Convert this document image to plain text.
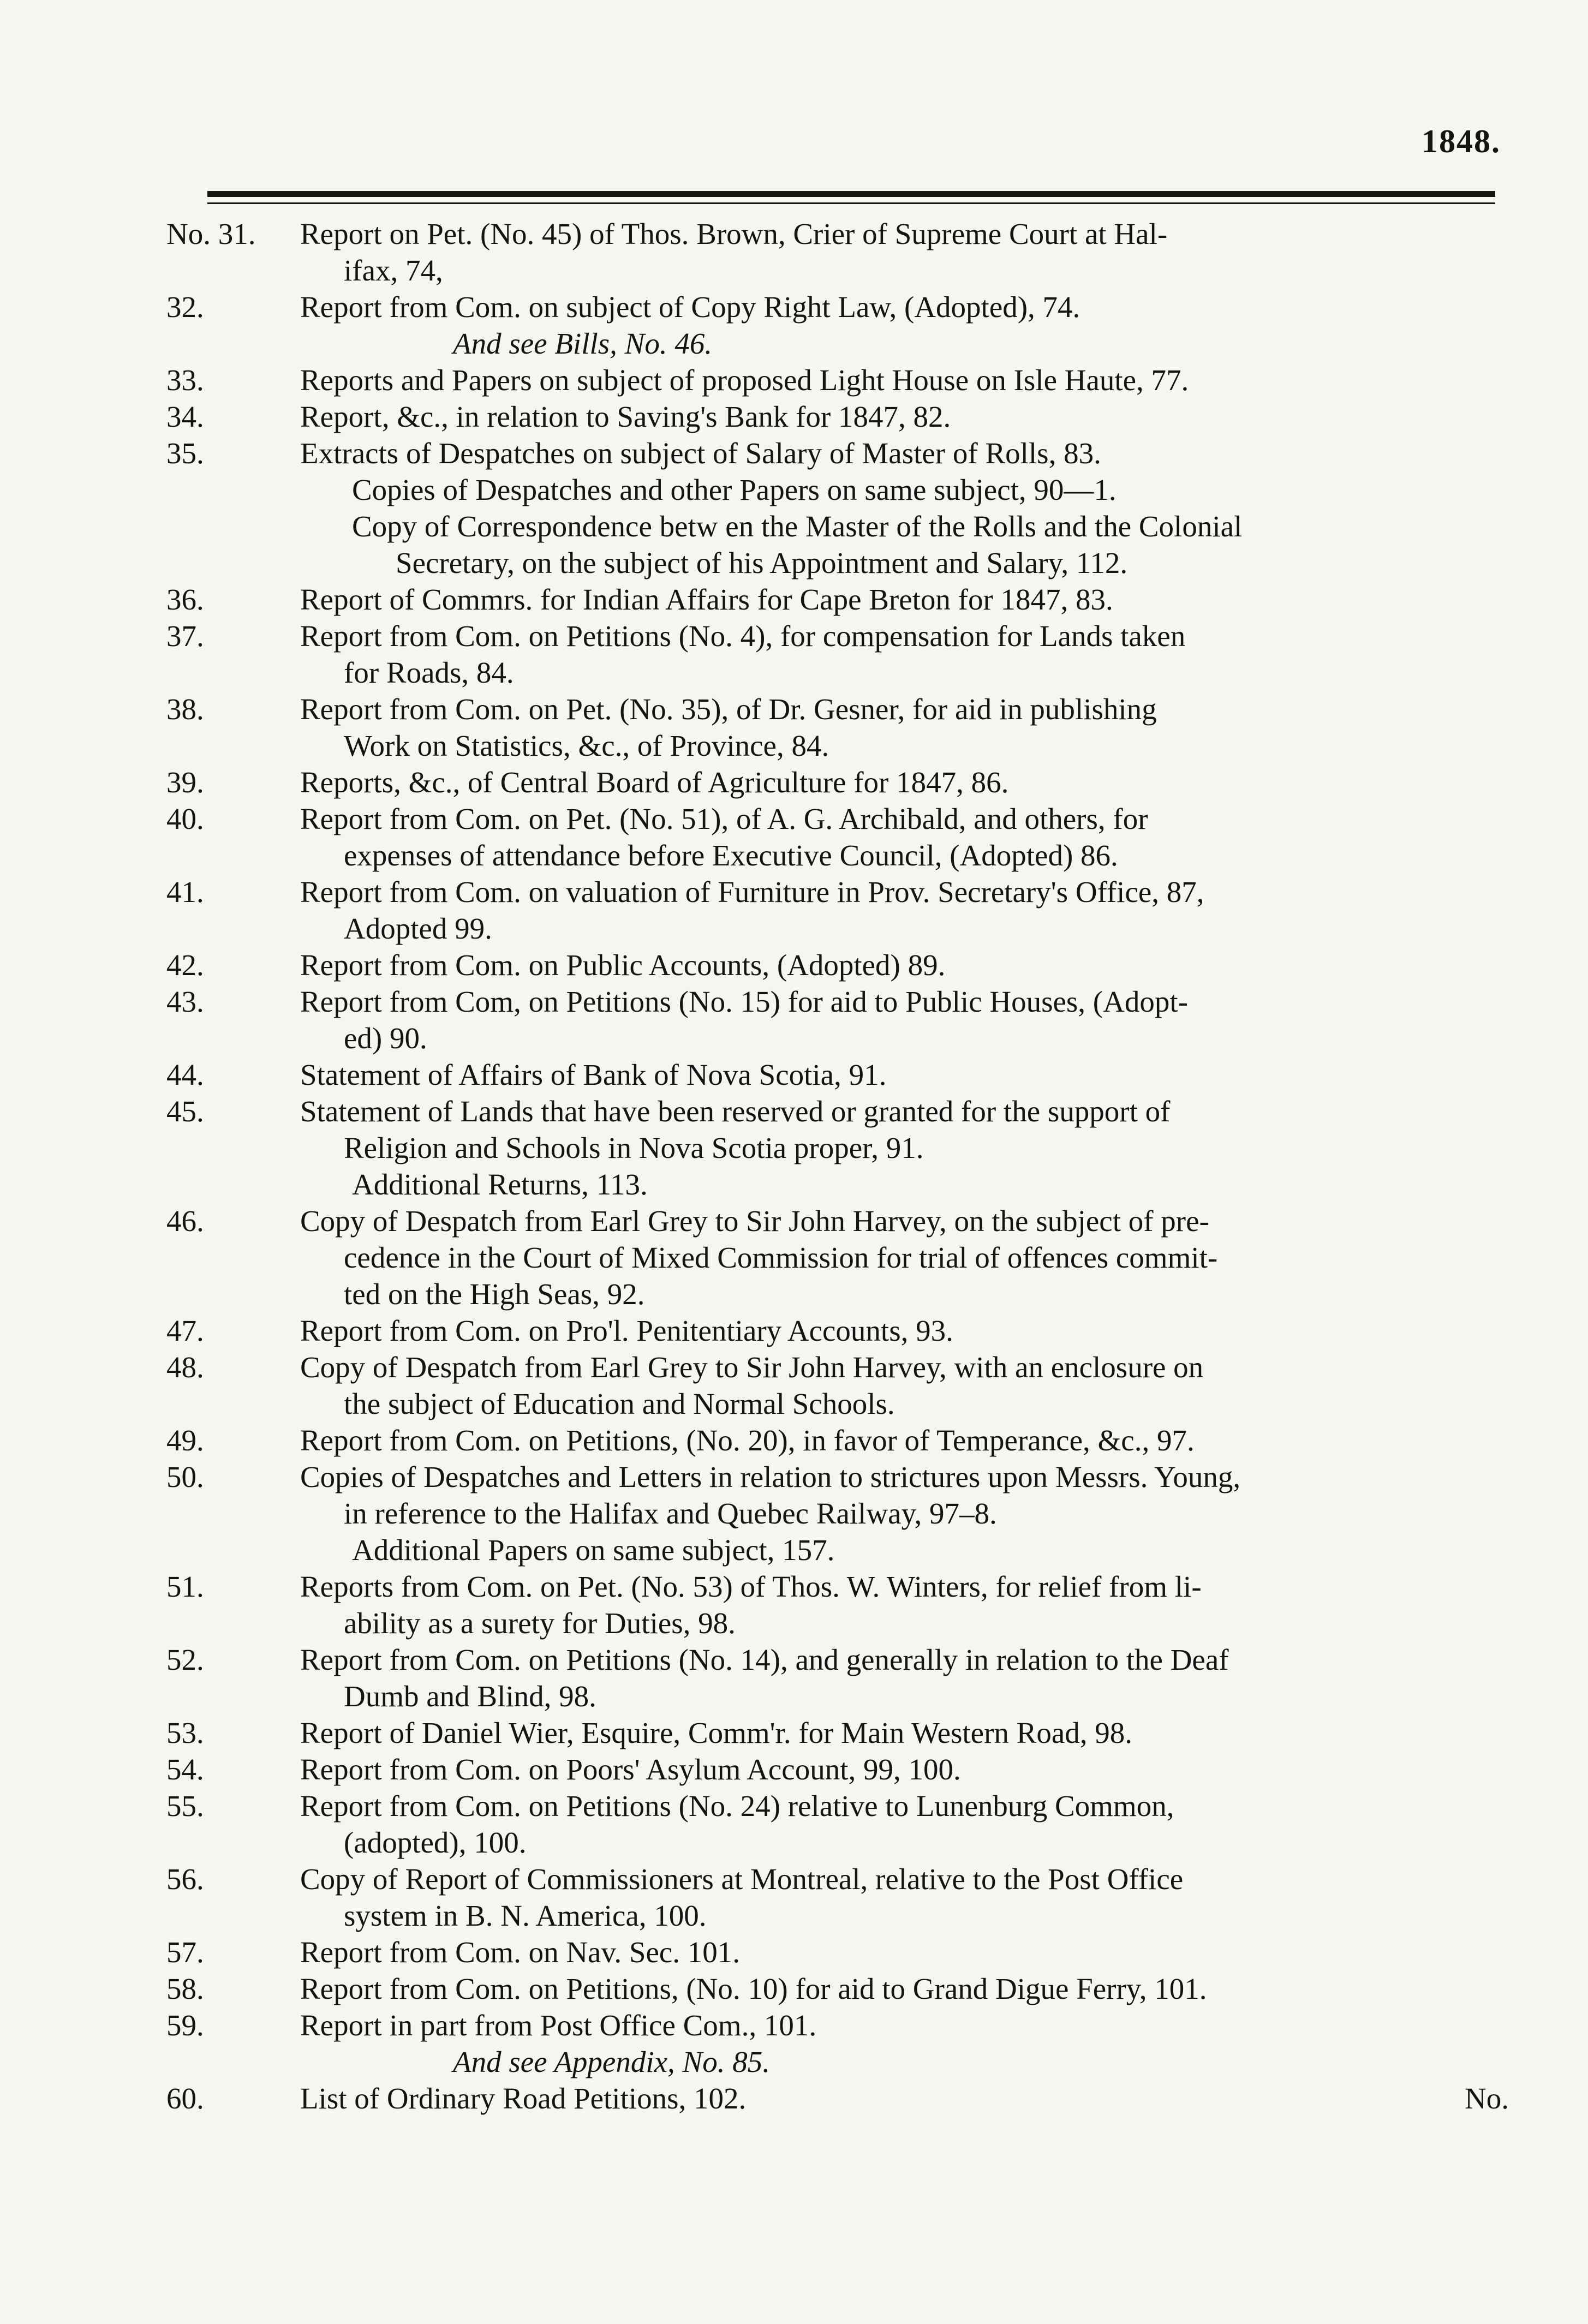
1848.
No. 31.	Report on Pet. (No. 45) of Thos. Brown, Crier of Supreme Court at Hal-
ifax, 74,
32.	Report from Com. on subject of Copy Right Law, (Adopted), 74.
And see Bills, No. 46.
33.	Reports and Papers on subject of proposed Light House on Isle Haute, 77.
34.	Report, &c., in relation to Saving's Bank for 1847, 82.
35.	Extracts of Despatches on subject of Salary of Master of Rolls, 83.
Copies of Despatches and other Papers on same subject, 90—1.
Copy of Correspondence betw en the Master of the Rolls and the Colonial
Secretary, on the subject of his Appointment and Salary, 112.
36.	Report of Commrs. for Indian Affairs for Cape Breton for 1847, 83.
37.	Report from Com. on Petitions (No. 4), for compensation for Lands taken
for Roads, 84.
38.	Report from Com. on Pet. (No. 35), of Dr. Gesner, for aid in publishing
Work on Statistics, &c., of Province, 84.
39.	Reports, &c., of Central Board of Agriculture for 1847, 86.
40.	Report from Com. on Pet. (No. 51), of A. G. Archibald, and others, for
expenses of attendance before Executive Council, (Adopted) 86.
41.	Report from Com. on valuation of Furniture in Prov. Secretary's Office, 87,
Adopted 99.
42.	Report from Com. on Public Accounts, (Adopted) 89.
43.	Report from Com, on Petitions (No. 15) for aid to Public Houses, (Adopt-
ed) 90.
44.	Statement of Affairs of Bank of Nova Scotia, 91.
45.	Statement of Lands that have been reserved or granted for the support of
Religion and Schools in Nova Scotia proper, 91.
Additional Returns, 113.
46.	Copy of Despatch from Earl Grey to Sir John Harvey, on the subject of pre-
cedence in the Court of Mixed Commission for trial of offences commit-
ted on the High Seas, 92.
47.	Report from Com. on Pro'l. Penitentiary Accounts, 93.
48.	Copy of Despatch from Earl Grey to Sir John Harvey, with an enclosure on
the subject of Education and Normal Schools.
49.	Report from Com. on Petitions, (No. 20), in favor of Temperance, &c., 97.
50.	Copies of Despatches and Letters in relation to strictures upon Messrs. Young,
in reference to the Halifax and Quebec Railway, 97–8.
Additional Papers on same subject, 157.
51.	Reports from Com. on Pet. (No. 53) of Thos. W. Winters, for relief from li-
ability as a surety for Duties, 98.
52.	Report from Com. on Petitions (No. 14), and generally in relation to the Deaf
Dumb and Blind, 98.
53.	Report of Daniel Wier, Esquire, Comm'r. for Main Western Road, 98.
54.	Report from Com. on Poors' Asylum Account, 99, 100.
55.	Report from Com. on Petitions (No. 24) relative to Lunenburg Common,
(adopted), 100.
56.	Copy of Report of Commissioners at Montreal, relative to the Post Office
system in B. N. America, 100.
57.	Report from Com. on Nav. Sec. 101.
58.	Report from Com. on Petitions, (No. 10) for aid to Grand Digue Ferry, 101.
59.	Report in part from Post Office Com., 101.
And see Appendix, No. 85.
60.	List of Ordinary Road Petitions, 102.	No.
